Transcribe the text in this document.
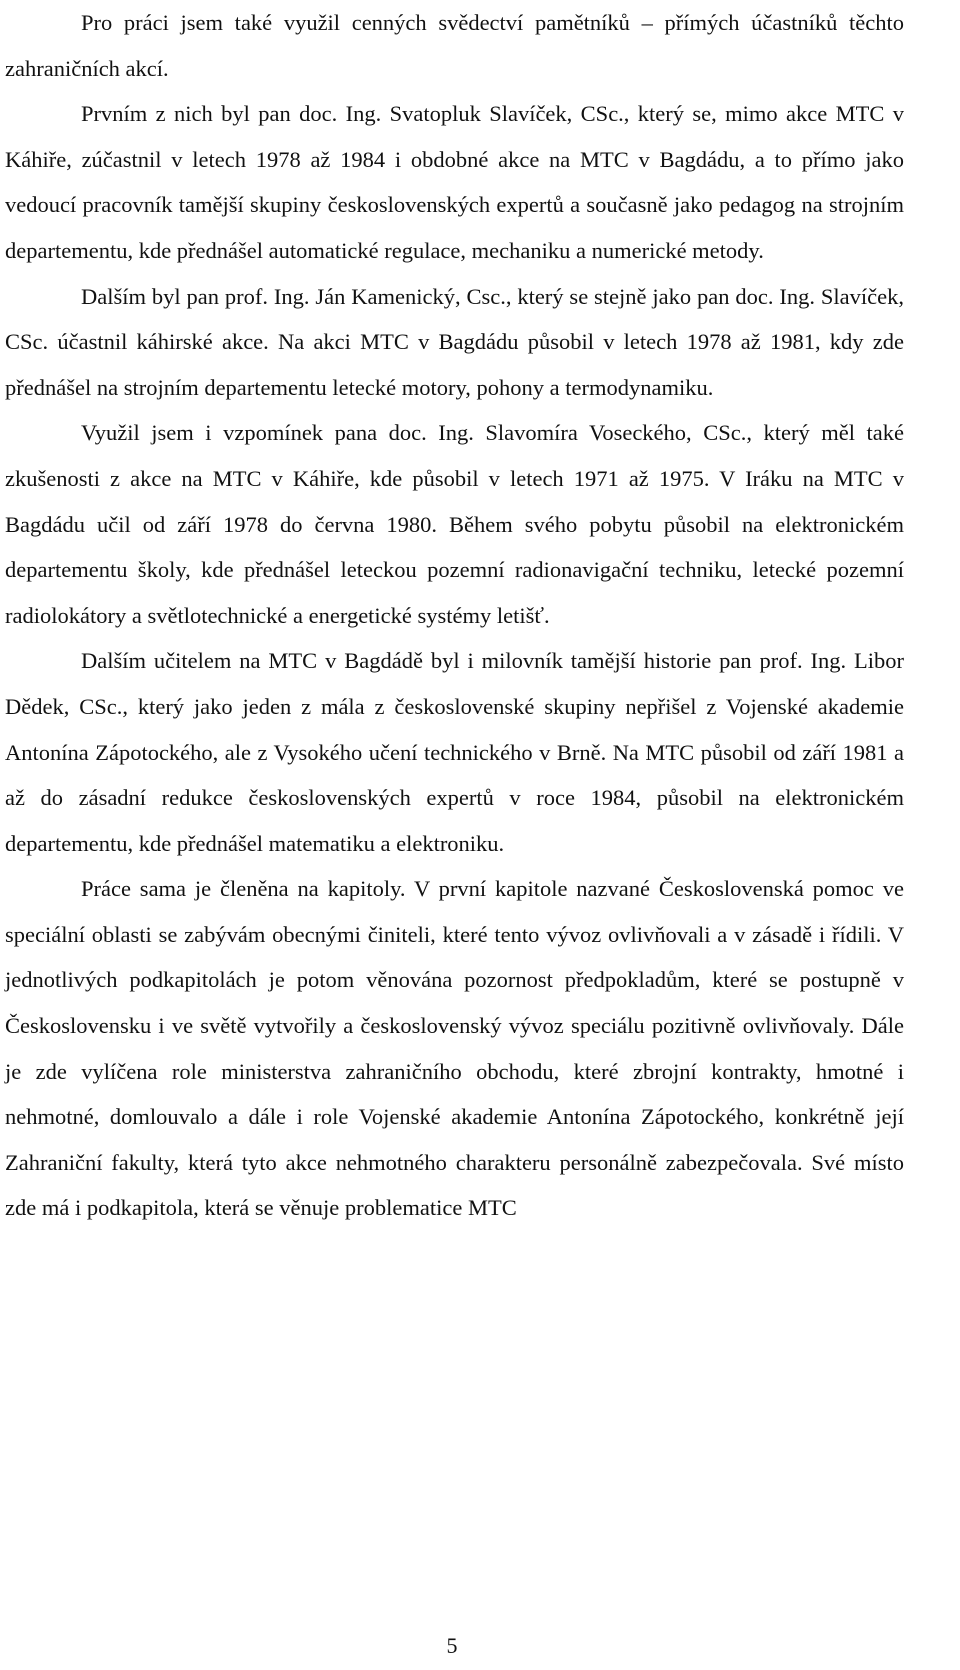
Pro práci jsem také využil cenných svědectví pamětníků – přímých účastníků těchto zahraničních akcí.

Prvním z nich byl pan doc. Ing. Svatopluk Slavíček, CSc., který se, mimo akce MTC v Káhiře, zúčastnil v letech 1978 až 1984 i obdobné akce na MTC v Bagdádu, a to přímo jako vedoucí pracovník tamější skupiny československých expertů a současně jako pedagog na strojním departementu, kde přednášel automatické regulace, mechaniku a numerické metody.

Dalším byl pan prof. Ing. Ján Kamenický, Csc., který se stejně jako pan doc. Ing. Slavíček, CSc. účastnil káhirské akce. Na akci MTC v Bagdádu působil v letech 1978 až 1981, kdy zde přednášel na strojním departementu letecké motory, pohony a termodynamiku.

Využil jsem i vzpomínek pana doc. Ing. Slavomíra Voseckého, CSc., který měl také zkušenosti z akce na MTC v Káhiře, kde působil v letech 1971 až 1975. V Iráku na MTC v Bagdádu učil od září 1978 do června 1980. Během svého pobytu působil na elektronickém departementu školy, kde přednášel leteckou pozemní radionavigační techniku, letecké pozemní radiolokátory a světlotechnické a energetické systémy letišť.

Dalším učitelem na MTC v Bagdádě byl i milovník tamější historie pan prof. Ing. Libor Dědek, CSc., který jako jeden z mála z československé skupiny nepřišel z Vojenské akademie Antonína Zápotockého, ale z Vysokého učení technického v Brně. Na MTC působil od září 1981 a až do zásadní redukce československých expertů v roce 1984, působil na elektronickém departementu, kde přednášel matematiku a elektroniku.

Práce sama je členěna na kapitoly. V první kapitole nazvané Československá pomoc ve speciální oblasti se zabývám obecnými činiteli, které tento vývoz ovlivňovali a v zásadě i řídili. V jednotlivých podkapitolách je potom věnována pozornost předpokladům, které se postupně v Československu i ve světě vytvořily a československý vývoz speciálu pozitivně ovlivňovaly. Dále je zde vylíčena role ministerstva zahraničního obchodu, které zbrojní kontrakty, hmotné i nehmotné, domlouvalo a dále i role Vojenské akademie Antonína Zápotockého, konkrétně její Zahraniční fakulty, která tyto akce nehmotného charakteru personálně zabezpečovala. Své místo zde má i podkapitola, která se věnuje problematice MTC

5
